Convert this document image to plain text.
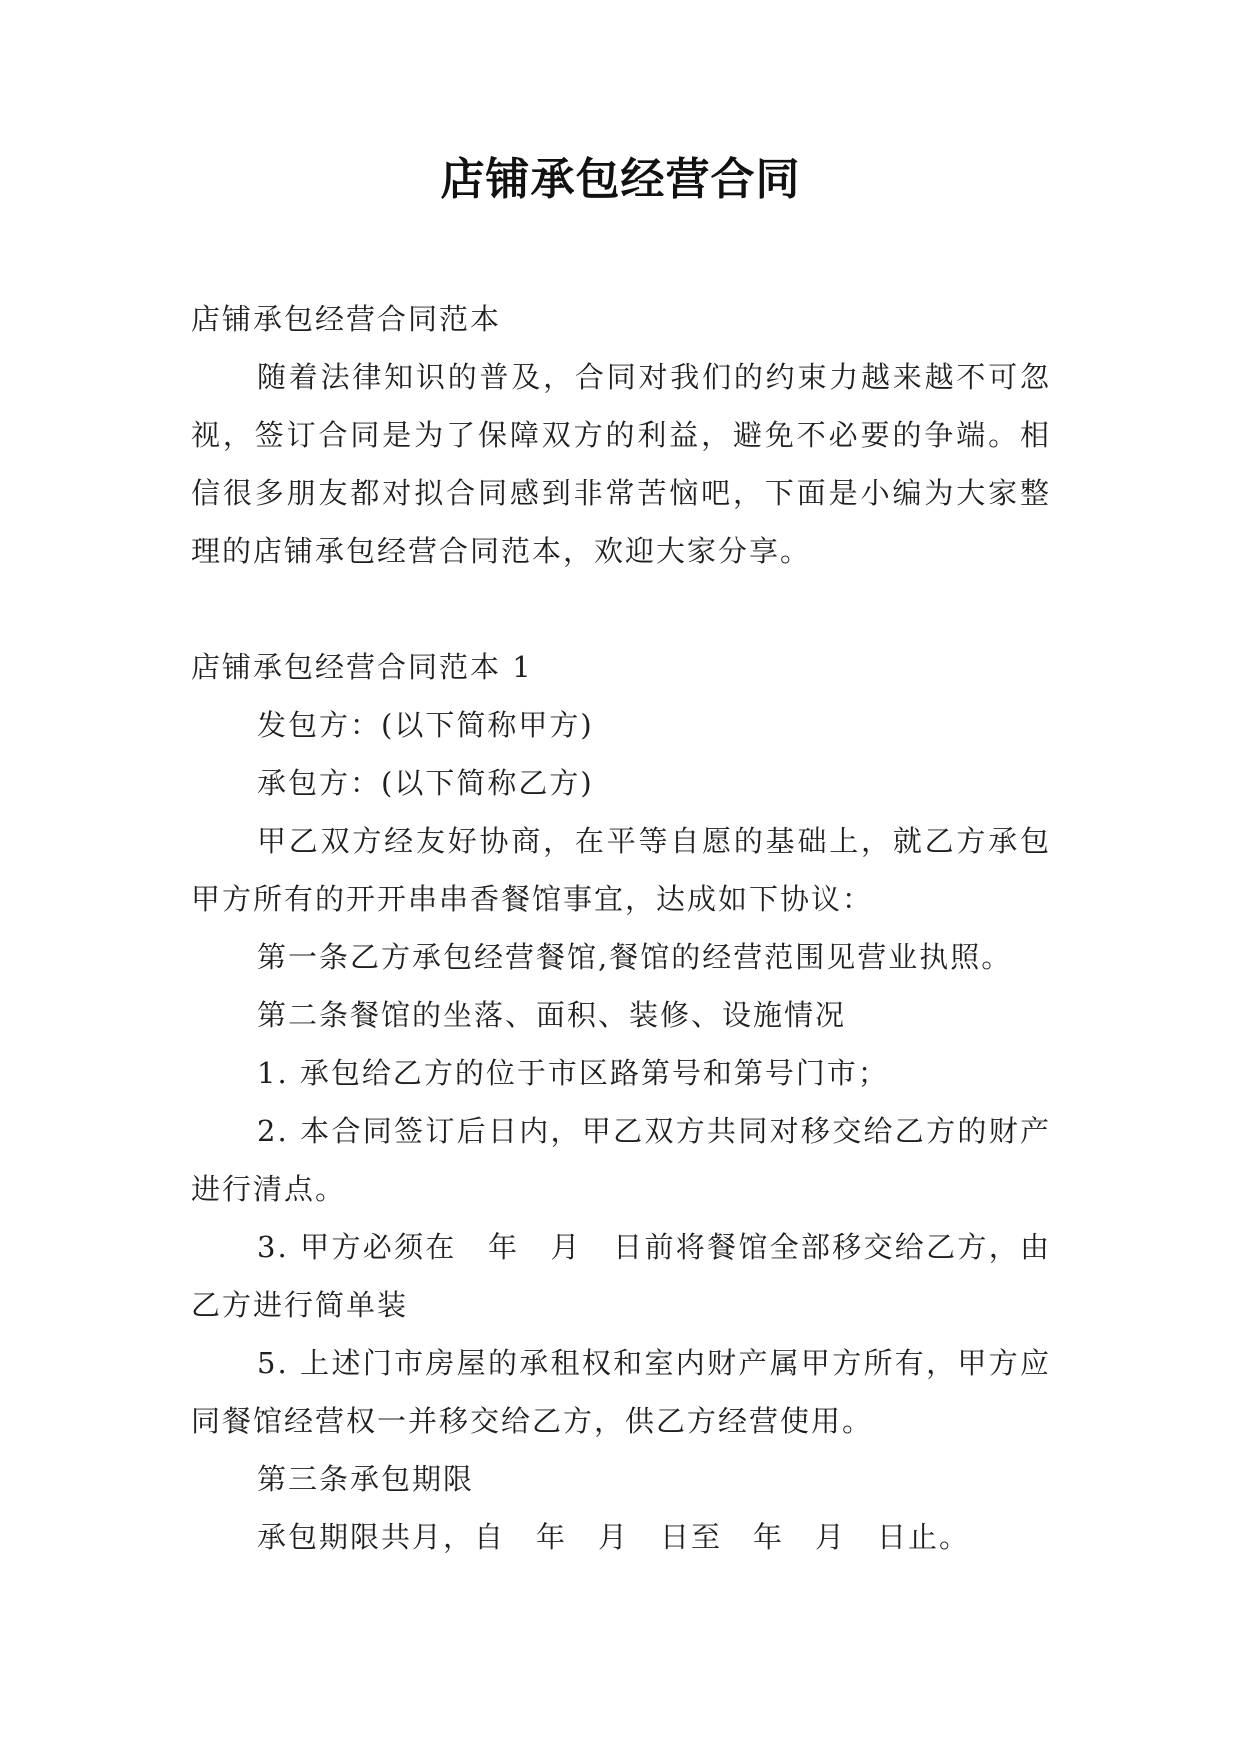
店铺承包经营合同

店铺承包经营合同范本

随着法律知识的普及，合同对我们的约束力越来越不可忽视，签订合同是为了保障双方的利益，避免不必要的争端。相信很多朋友都对拟合同感到非常苦恼吧，下面是小编为大家整理的店铺承包经营合同范本，欢迎大家分享。

店铺承包经营合同范本 1

发包方：(以下简称甲方)

承包方：(以下简称乙方)

甲乙双方经友好协商，在平等自愿的基础上，就乙方承包甲方所有的开开串串香餐馆事宜，达成如下协议：

第一条乙方承包经营餐馆,餐馆的经营范围见营业执照。

第二条餐馆的坐落、面积、装修、设施情况

1. 承包给乙方的位于市区路第号和第号门市；

2. 本合同签订后日内，甲乙双方共同对移交给乙方的财产进行清点。

3. 甲方必须在　年　月　日前将餐馆全部移交给乙方，由乙方进行简单装

5. 上述门市房屋的承租权和室内财产属甲方所有，甲方应同餐馆经营权一并移交给乙方，供乙方经营使用。

第三条承包期限

承包期限共月，自　年　月　日至　年　月　日止。
